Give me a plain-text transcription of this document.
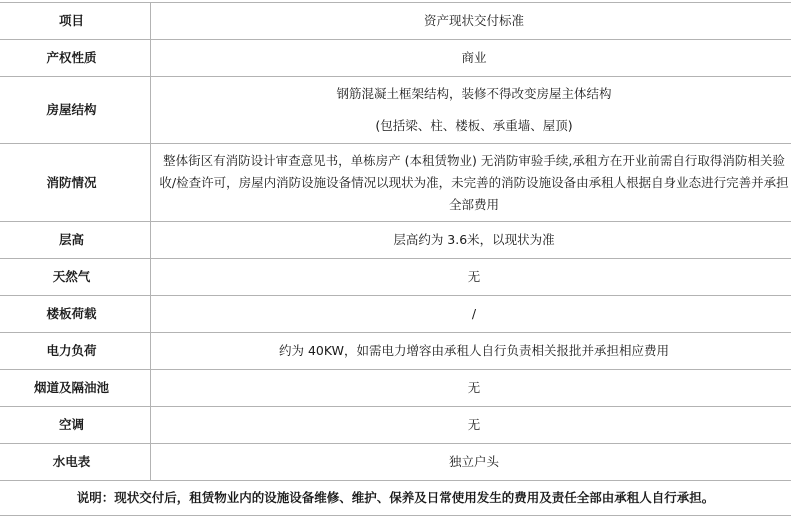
项目	资产现状交付标准
产权性质	商业
房屋结构	钢筋混凝土框架结构，装修不得改变房屋主体结构
(包括梁、柱、楼板、承重墙、屋顶)

消防情况	整体街区有消防设计审查意见书，单栋房产 (本租赁物业) 无消防审验手续,承租方在开业前需自行取得消防相关验收/检查许可，房屋内消防设施设备情况以现状为准，未完善的消防设施设备由承租人根据自身业态进行完善并承担全部费用
层高	层高约为 3.6米，以现状为准
天然气	无
楼板荷载	/
电力负荷	约为 40KW，如需电力增容由承租人自行负责相关报批并承担相应费用
烟道及隔油池	无
空调	无
水电表	独立户头
说明：现状交付后，租赁物业内的设施设备维修、维护、保养及日常使用发生的费用及责任全部由承租人自行承担。	
